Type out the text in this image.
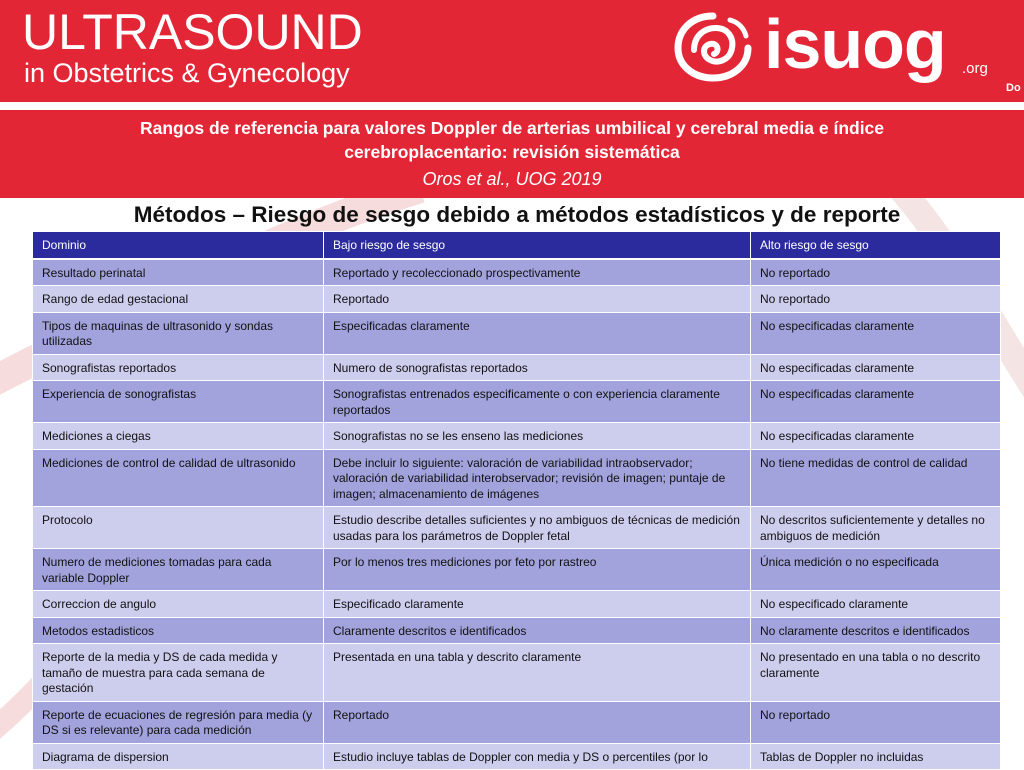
ULTRASOUND
in Obstetrics & Gynecology	isuog .org
Do
Rangos de referencia para valores Doppler de arterias umbilical y cerebral media e índice cerebroplacentario: revisión sistemática
Oros et al., UOG 2019
Métodos – Riesgo de sesgo debido a métodos estadísticos y de reporte
Dominio	Bajo riesgo de sesgo	Alto riesgo de sesgo
Resultado perinatal	Reportado y recoleccionado prospectivamente	No reportado
Rango de edad gestacional	Reportado	No reportado
Tipos de maquinas de ultrasonido y sondas utilizadas	Especificadas claramente	No especificadas claramente
Sonografistas reportados	Numero de sonografistas reportados	No especificadas claramente
Experiencia de sonografistas	Sonografistas entrenados especificamente o con experiencia claramente reportados	No especificadas claramente
Mediciones a ciegas	Sonografistas no se les enseno las mediciones	No especificadas claramente
Mediciones de control de calidad de ultrasonido	Debe incluir lo siguiente: valoración de variabilidad intraobservador; valoración de variabilidad interobservador; revisión de imagen; puntaje de imagen; almacenamiento de imágenes	No tiene medidas de control de calidad
Protocolo	Estudio describe detalles suficientes y no ambiguos de técnicas de medición usadas para los parámetros de Doppler fetal	No descritos suficientemente y detalles no ambiguos de medición
Numero de mediciones tomadas para cada variable Doppler	Por lo menos tres mediciones por feto por rastreo	Única medición o no especificada
Correccion de angulo	Especificado claramente	No especificado claramente
Metodos estadisticos	Claramente descritos e identificados	No claramente descritos e identificados
Reporte de la media y DS de cada medida y tamaño de muestra para cada semana de gestación	Presentada en una tabla y descrito claramente	No presentado en una tabla o no descrito claramente
Reporte de ecuaciones de regresión para media (y DS si es relevante) para cada medición	Reportado	No reportado
Diagrama de dispersion	Estudio incluye tablas de Doppler con media y DS o percentiles (por lo	Tablas de Doppler no incluidas
